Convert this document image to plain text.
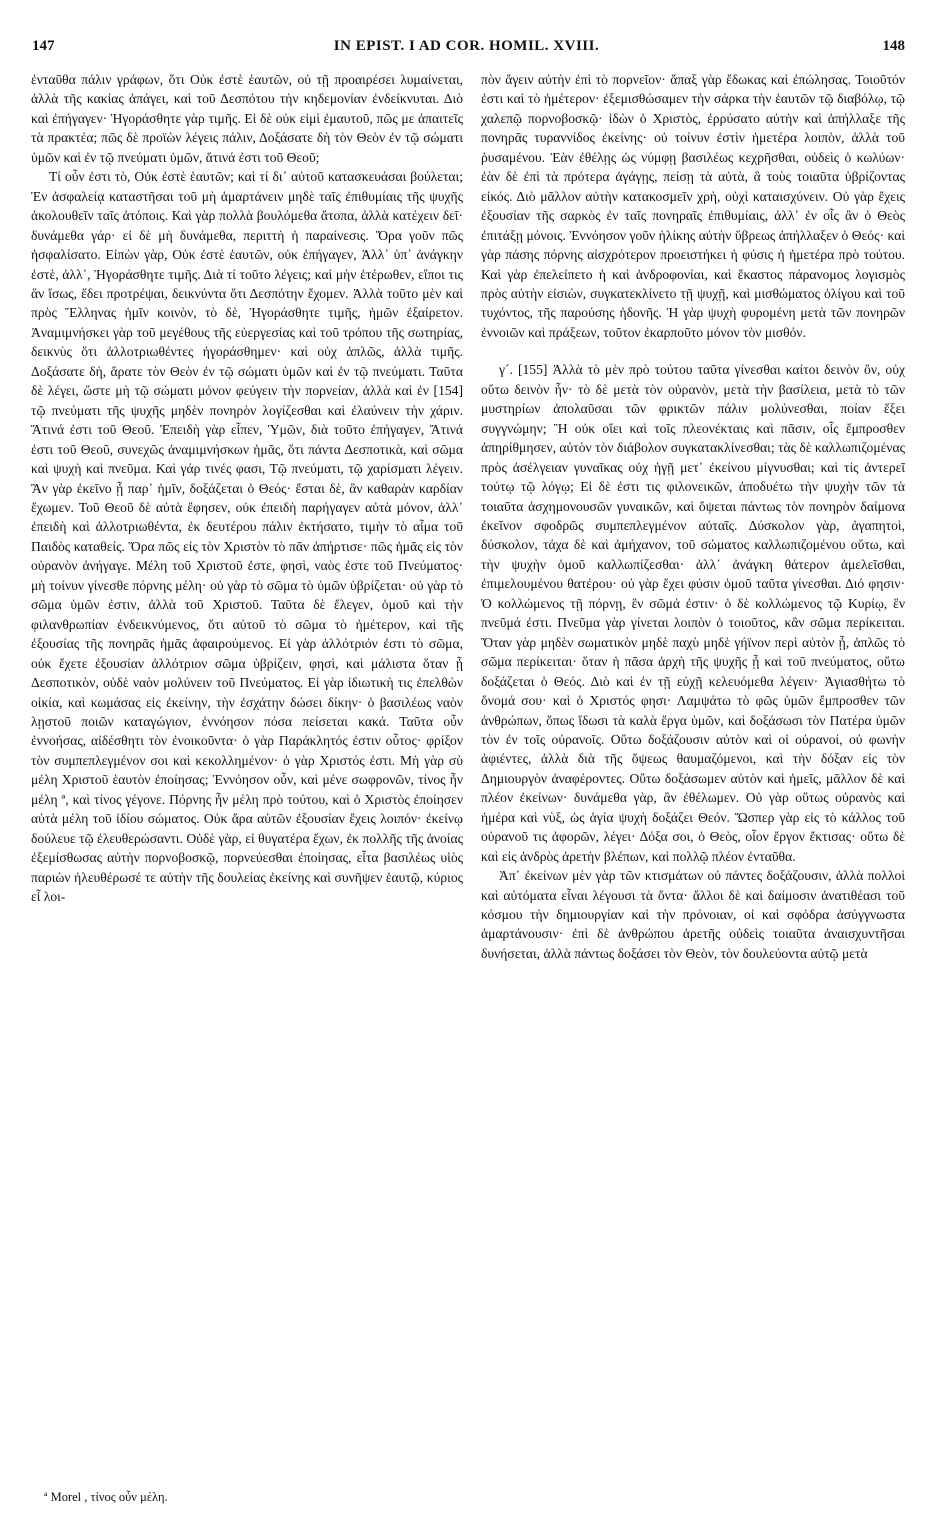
147	IN EPIST. I AD COR. HOMIL. XVIII.	148

ἐνταῦθα πάλιν γράφων, ὅτι Οὐκ ἐστὲ ἑαυτῶν, οὐ τῇ προαιρέσει λυμαίνεται, ἀλλὰ τῆς κακίας ἀπάγει, καὶ τοῦ Δεσπότου τὴν κηδεμονίαν ἐνδείκνυται. Διὸ καὶ ἐπήγαγεν· Ἠγοράσθητε γὰρ τιμῆς. Εἰ δὲ οὐκ εἰμὶ ἐμαυτοῦ, πῶς με ἀπαιτεῖς τὰ πρακτέα; πῶς δὲ προϊὼν λέγεις πάλιν, Δοξάσατε δὴ τὸν Θεὸν ἐν τῷ σώματι ὑμῶν καὶ ἐν τῷ πνεύματι ὑμῶν, ἅτινά ἐστι τοῦ Θεοῦ;

Τί οὖν ἐστι τὸ, Οὐκ ἐστὲ ἑαυτῶν; καὶ τί δι᾽ αὐτοῦ κατασκευάσαι βούλεται; Ἐν ἀσφαλείᾳ καταστῆσαι τοῦ μὴ ἁμαρτάνειν μηδὲ ταῖς ἐπιθυμίαις τῆς ψυχῆς ἀκολουθεῖν ταῖς ἀτόποις. Καὶ γὰρ πολλὰ βουλόμεθα ἄτοπα, ἀλλὰ κατέχειν δεῖ· δυνάμεθα γάρ· εἰ δὲ μὴ δυνάμεθα, περιττὴ ἡ παραίνεσις. Ὅρα γοῦν πῶς ἠσφαλίσατο. Εἰπὼν γὰρ, Οὐκ ἐστὲ ἑαυτῶν, οὐκ ἐπήγαγεν, Ἀλλ᾽ ὑπ᾽ ἀνάγκην ἐστὲ, ἀλλ᾽, Ἠγοράσθητε τιμῆς. Διὰ τί τοῦτο λέγεις; καὶ μὴν ἑτέρωθεν, εἴποι τις ἂν ἴσως, ἔδει προτρέψαι, δεικνύντα ὅτι Δεσπότην ἔχομεν. Ἀλλὰ τοῦτο μὲν καὶ πρὸς Ἕλληνας ἡμῖν κοινὸν, τὸ δὲ, Ἠγοράσθητε τιμῆς, ἡμῶν ἐξαίρετον. Ἀναμιμνήσκει γὰρ τοῦ μεγέθους τῆς εὐεργεσίας καὶ τοῦ τρόπου τῆς σωτηρίας, δεικνὺς ὅτι ἀλλοτριωθέντες ἠγοράσθημεν· καὶ οὐχ ἁπλῶς, ἀλλὰ τιμῆς. Δοξάσατε δὴ, ἄρατε τὸν Θεὸν ἐν τῷ σώματι ὑμῶν καὶ ἐν τῷ πνεύματι. Ταῦτα δὲ λέγει, ὥστε μὴ τῷ σώματι μόνον φεύγειν τὴν πορνείαν, ἀλλὰ καὶ ἐν [154] τῷ πνεύματι τῆς ψυχῆς μηδὲν πονηρὸν λογίζεσθαι καὶ ἐλαύνειν τὴν χάριν. Ἅτινά ἐστι τοῦ Θεοῦ. Ἐπειδὴ γὰρ εἶπεν, Ὑμῶν, διὰ τοῦτο ἐπήγαγεν, Ἅτινά ἐστι τοῦ Θεοῦ, συνεχῶς ἀναμιμνήσκων ἡμᾶς, ὅτι πάντα Δεσποτικὰ, καὶ σῶμα καὶ ψυχὴ καὶ πνεῦμα. Καὶ γάρ τινές φασι, Τῷ πνεύματι, τῷ χαρίσματι λέγειν. Ἂν γὰρ ἐκεῖνο ᾖ παρ᾽ ἡμῖν, δοξάζεται ὁ Θεός· ἔσται δὲ, ἂν καθαρὰν καρδίαν ἔχωμεν. Τοῦ Θεοῦ δὲ αὐτὰ ἔφησεν, οὐκ ἐπειδὴ παρήγαγεν αὐτὰ μόνον, ἀλλ᾽ ἐπειδὴ καὶ ἀλλοτριωθέντα, ἐκ δευτέρου πάλιν ἐκτήσατο, τιμὴν τὸ αἷμα τοῦ Παιδὸς καταθείς. Ὅρα πῶς εἰς τὸν Χριστὸν τὸ πᾶν ἀπήρτισε· πῶς ἡμᾶς εἰς τὸν οὐρανὸν ἀνήγαγε. Μέλη τοῦ Χριστοῦ ἐστε, φησὶ, ναὸς ἐστε τοῦ Πνεύματος· μὴ τοίνυν γίνεσθε πόρνης μέλη· οὐ γὰρ τὸ σῶμα τὸ ὑμῶν ὑβρίζεται· οὐ γὰρ τὸ σῶμα ὑμῶν ἐστιν, ἀλλὰ τοῦ Χριστοῦ. Ταῦτα δὲ ἔλεγεν, ὁμοῦ καὶ τὴν φιλανθρωπίαν ἐνδεικνύμενος, ὅτι αὐτοῦ τὸ σῶμα τὸ ἡμέτερον, καὶ τῆς ἐξουσίας τῆς πονηρᾶς ἡμᾶς ἀφαιρούμενος. Εἰ γὰρ ἀλλότριόν ἐστι τὸ σῶμα, οὐκ ἔχετε ἐξουσίαν ἀλλότριον σῶμα ὑβρίζειν, φησὶ, καὶ μάλιστα ὅταν ᾖ Δεσποτικὸν, οὐδὲ ναὸν μολύνειν τοῦ Πνεύματος. Εἰ γὰρ ἰδιωτικὴ τις ἐπελθὼν οἰκία, καὶ κωμάσας εἰς ἐκείνην, τὴν ἐσχάτην δώσει δίκην· ὁ βασιλέως ναὸν λῃστοῦ ποιῶν καταγώγιον, ἐννόησον πόσα πείσεται κακά. Ταῦτα οὖν ἐννοήσας, αἰδέσθητι τὸν ἐνοικοῦντα· ὁ γὰρ Παράκλητός ἐστιν οὗτος· φρίξον τὸν συμπεπλεγμένον σοι καὶ κεκολλημένον· ὁ γὰρ Χριστός ἐστι. Μὴ γὰρ σὺ μέλη Χριστοῦ ἑαυτὸν ἐποίησας; Ἐννόησον οὖν, καὶ μένε σωφρονῶν, τίνος ἦν μέλη ª, καὶ τίνος γέγονε. Πόρνης ἦν μέλη πρὸ τούτου, καὶ ὁ Χριστὸς ἐποίησεν αὐτὰ μέλη τοῦ ἰδίου σώματος. Οὐκ ἄρα αὐτῶν ἐξουσίαν ἔχεις λοιπόν· ἐκείνῳ δούλευε τῷ ἐλευθερώσαντι. Οὐδὲ γὰρ, εἰ θυγατέρα ἔχων, ἐκ πολλῆς τῆς ἀνοίας ἐξεμίσθωσας αὐτὴν πορνοβοσκῷ, πορνεύεσθαι ἐποίησας, εἶτα βασιλέως υἱὸς παριὼν ἠλευθέρωσέ τε αὐτὴν τῆς δουλείας ἐκείνης καὶ συνῆψεν ἑαυτῷ, κύριος εἶ λοι-

πὸν ἄγειν αὐτὴν ἐπὶ τὸ πορνεῖον· ἅπαξ γὰρ ἔδωκας καὶ ἐπώλησας. Τοιοῦτόν ἐστι καὶ τὸ ἡμέτερον· ἐξεμισθώσαμεν τὴν σάρκα τὴν ἑαυτῶν τῷ διαβόλῳ, τῷ χαλεπῷ πορνοβοσκῷ· ἰδὼν ὁ Χριστὸς, ἐρρύσατο αὐτὴν καὶ ἀπήλλαξε τῆς πονηρᾶς τυραννίδος ἐκείνης· οὐ τοίνυν ἐστὶν ἡμετέρα λοιπὸν, ἀλλὰ τοῦ ῥυσαμένου. Ἐὰν ἐθέλῃς ὡς νύμφῃ βασιλέως κεχρῆσθαι, οὐδεὶς ὁ κωλύων· ἐὰν δὲ ἐπὶ τὰ πρότερα ἀγάγῃς, πείσῃ τὰ αὐτὰ, ἃ τοὺς τοιαῦτα ὑβρίζοντας εἰκός. Διὸ μᾶλλον αὐτὴν κατακοσμεῖν χρὴ, οὐχὶ καταισχύνειν. Οὐ γὰρ ἔχεις ἐξουσίαν τῆς σαρκὸς ἐν ταῖς πονηραῖς ἐπιθυμίαις, ἀλλ᾽ ἐν οἷς ἂν ὁ Θεὸς ἐπιτάξῃ μόνοις. Ἐννόησον γοῦν ἡλίκης αὐτὴν ὕβρεως ἀπήλλαξεν ὁ Θεός· καὶ γὰρ πάσης πόρνης αἰσχρότερον προειστήκει ἡ φύσις ἡ ἡμετέρα πρὸ τούτου. Καὶ γὰρ ἐπελείπετο ἡ καὶ ἀνδροφονίαι, καὶ ἕκαστος πάρανομος λογισμὸς πρὸς αὐτὴν εἰσιὼν, συγκατεκλίνετο τῇ ψυχῇ, καὶ μισθώματος ὀλίγου καὶ τοῦ τυχόντος, τῆς παρούσης ἡδονῆς. Ἡ γὰρ ψυχὴ φυρομένη μετὰ τῶν πονηρῶν ἐννοιῶν καὶ πράξεων, τοῦτον ἐκαρποῦτο μόνον τὸν μισθόν.

γ´. [155] Ἀλλὰ τὸ μὲν πρὸ τούτου ταῦτα γίνεσθαι καίτοι δεινὸν ὂν, οὐχ οὕτω δεινὸν ἦν· τὸ δὲ μετὰ τὸν οὐρανὸν, μετὰ τὴν βασίλεια, μετὰ τὸ τῶν μυστηρίων ἀπολαῦσαι τῶν φρικτῶν πάλιν μολύνεσθαι, ποίαν ἕξει συγγνώμην; Ἢ οὐκ οἴει καὶ τοῖς πλεονέκταις καὶ πᾶσιν, οἷς ἔμπροσθεν ἀπηρίθμησεν, αὐτὸν τὸν διάβολον συγκατακλίνεσθαι; τὰς δὲ καλλωπιζομένας πρὸς ἀσέλγειαν γυναῖκας οὐχ ἡγῇ μετ᾽ ἐκείνου μίγνυσθαι; καὶ τίς ἀντερεῖ τούτῳ τῷ λόγῳ; Εἰ δὲ ἐστι τις φιλονεικῶν, ἀποδυέτω τὴν ψυχὴν τῶν τὰ τοιαῦτα ἀσχημονουσῶν γυναικῶν, καὶ ὄψεται πάντως τὸν πονηρὸν δαίμονα ἐκεῖνον σφοδρῶς συμπεπλεγμένον αὐταῖς. Δύσκολον γὰρ, ἀγαπητοὶ, δύσκολον, τάχα δὲ καὶ ἀμήχανον, τοῦ σώματος καλλωπιζομένου οὕτω, καὶ τὴν ψυχὴν ὁμοῦ καλλωπίζεσθαι· ἀλλ᾽ ἀνάγκη θάτερον ἀμελεῖσθαι, ἐπιμελουμένου θατέρου· οὐ γὰρ ἔχει φύσιν ὁμοῦ ταῦτα γίνεσθαι. Διό φησιν· Ὁ κολλώμενος τῇ πόρνῃ, ἓν σῶμά ἐστιν· ὁ δὲ κολλώμενος τῷ Κυρίῳ, ἓν πνεῦμά ἐστι. Πνεῦμα γὰρ γίνεται λοιπὸν ὁ τοιοῦτος, κἂν σῶμα περίκειται. Ὅταν γὰρ μηδὲν σωματικὸν μηδὲ παχὺ μηδὲ γήϊνον περὶ αὐτὸν ᾖ, ἁπλῶς τὸ σῶμα περίκειται· ὅταν ἡ πᾶσα ἀρχὴ τῆς ψυχῆς ᾖ καὶ τοῦ πνεύματος, οὕτω δοξάζεται ὁ Θεός. Διὸ καὶ ἐν τῇ εὐχῇ κελευόμεθα λέγειν· Ἁγιασθήτω τὸ ὄνομά σου· καὶ ὁ Χριστός φησι· Λαμψάτω τὸ φῶς ὑμῶν ἔμπροσθεν τῶν ἀνθρώπων, ὅπως ἴδωσι τὰ καλὰ ἔργα ὑμῶν, καὶ δοξάσωσι τὸν Πατέρα ὑμῶν τὸν ἐν τοῖς οὐρανοῖς. Οὕτω δοξάζουσιν αὐτὸν καὶ οἱ οὐρανοί, οὐ φωνὴν ἀφιέντες, ἀλλὰ διὰ τῆς ὄψεως θαυμαζόμενοι, καὶ τὴν δόξαν εἰς τὸν Δημιουργὸν ἀναφέροντες. Οὕτω δοξάσωμεν αὐτὸν καὶ ἡμεῖς, μᾶλλον δὲ καὶ πλέον ἐκείνων· δυνάμεθα γὰρ, ἂν ἐθέλωμεν. Οὐ γὰρ οὕτως οὐρανὸς καὶ ἡμέρα καὶ νὺξ, ὡς ἁγία ψυχὴ δοξάζει Θεόν. Ὥσπερ γὰρ εἰς τὸ κάλλος τοῦ οὐρανοῦ τις ἀφορῶν, λέγει· Δόξα σοι, ὁ Θεὸς, οἷον ἔργον ἔκτισας· οὕτω δὲ καὶ εἰς ἀνδρὸς ἀρετὴν βλέπων, καὶ πολλῷ πλέον ἐνταῦθα.

Ἀπ᾽ ἐκείνων μὲν γὰρ τῶν κτισμάτων οὐ πάντες δοξάζουσιν, ἀλλὰ πολλοὶ καὶ αὐτόματα εἶναι λέγουσι τὰ ὄντα· ἄλλοι δὲ καὶ δαίμοσιν ἀνατιθέασι τοῦ κόσμου τὴν δημιουργίαν καὶ τὴν πρόνοιαν, οἱ καὶ σφόδρα ἀσύγγνωστα ἁμαρτάνουσιν· ἐπὶ δὲ ἀνθρώπου ἀρετῆς οὐδεὶς τοιαῦτα ἀναισχυντῆσαι δυνήσεται, ἀλλὰ πάντως δοξάσει τὸν Θεὸν, τὸν δουλεύοντα αὐτῷ μετὰ

ª Morel , τίνος οὖν μέλη.
